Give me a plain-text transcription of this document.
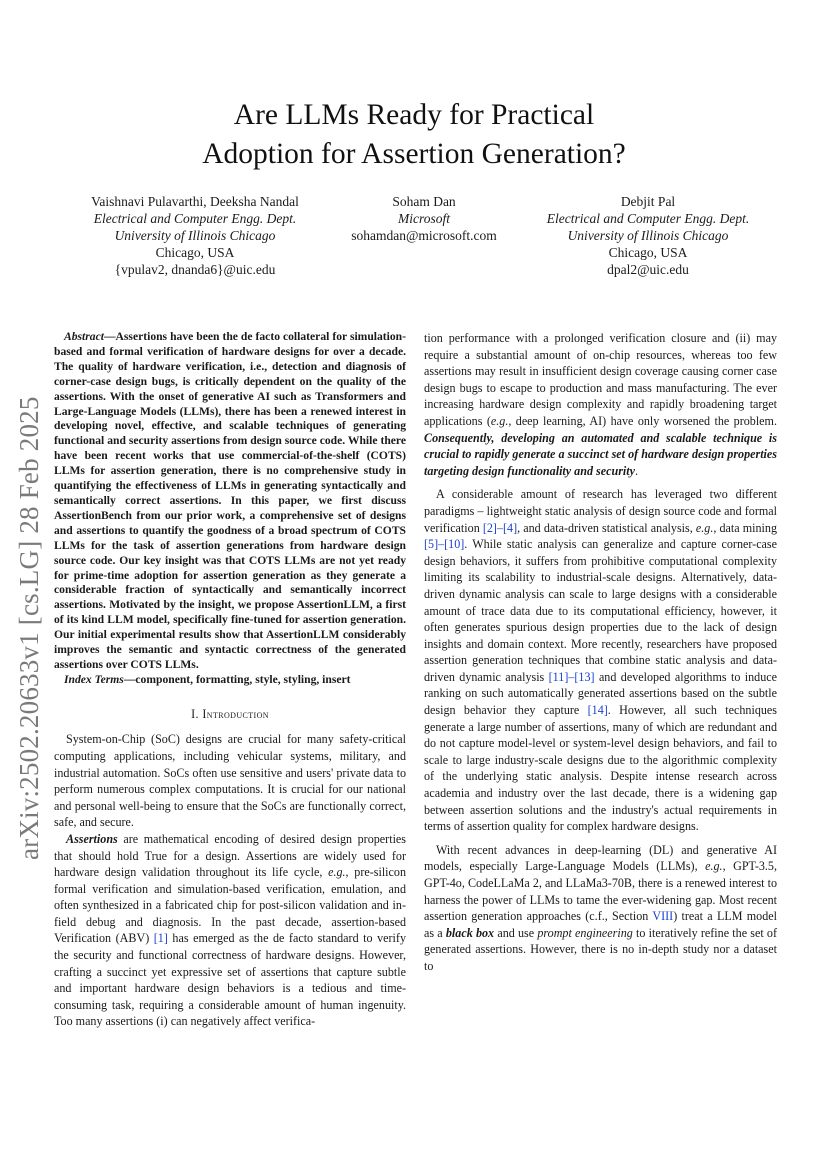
arXiv:2502.20633v1 [cs.LG] 28 Feb 2025
Are LLMs Ready for Practical
Adoption for Assertion Generation?
Vaishnavi Pulavarthi, Deeksha Nandal
Electrical and Computer Engg. Dept.
University of Illinois Chicago
Chicago, USA
{vpulav2, dnanda6}@uic.edu
Soham Dan
Microsoft
sohamdan@microsoft.com
Debjit Pal
Electrical and Computer Engg. Dept.
University of Illinois Chicago
Chicago, USA
dpal2@uic.edu

Abstract—Assertions have been the de facto collateral for simulation-based and formal verification of hardware designs for over a decade. The quality of hardware verification, i.e., detection and diagnosis of corner-case design bugs, is critically dependent on the quality of the assertions. With the onset of generative AI such as Transformers and Large-Language Models (LLMs), there has been a renewed interest in developing novel, effective, and scalable techniques of generating functional and security assertions from design source code. While there have been recent works that use commercial-of-the-shelf (COTS) LLMs for assertion generation, there is no comprehensive study in quantifying the effectiveness of LLMs in generating syntactically and semantically correct assertions. In this paper, we first discuss AssertionBench from our prior work, a comprehensive set of designs and assertions to quantify the goodness of a broad spectrum of COTS LLMs for the task of assertion generations from hardware design source code. Our key insight was that COTS LLMs are not yet ready for prime-time adoption for assertion generation as they generate a considerable fraction of syntactically and semantically incorrect assertions. Motivated by the insight, we propose AssertionLLM, a first of its kind LLM model, specifically fine-tuned for assertion generation. Our initial experimental results show that AssertionLLM considerably improves the semantic and syntactic correctness of the generated assertions over COTS LLMs.

Index Terms—component, formatting, style, styling, insert

I. Introduction

System-on-Chip (SoC) designs are crucial for many safety-critical computing applications, including vehicular systems, military, and industrial automation. SoCs often use sensitive and users' private data to perform numerous complex computations. It is crucial for our national and personal well-being to ensure that the SoCs are functionally correct, safe, and secure.

Assertions are mathematical encoding of desired design properties that should hold True for a design. Assertions are widely used for hardware design validation throughout its life cycle, e.g., pre-silicon formal verification and simulation-based verification, emulation, and often synthesized in a fabricated chip for post-silicon validation and in-field debug and diagnosis. In the past decade, assertion-based Verification (ABV) [1] has emerged as the de facto standard to verify the security and functional correctness of hardware designs. However, crafting a succinct yet expressive set of assertions that capture subtle and important hardware design behaviors is a tedious and time-consuming task, requiring a considerable amount of human ingenuity. Too many assertions (i) can negatively affect verifica-

tion performance with a prolonged verification closure and (ii) may require a substantial amount of on-chip resources, whereas too few assertions may result in insufficient design coverage causing corner case design bugs to escape to production and mass manufacturing. The ever increasing hardware design complexity and rapidly broadening target applications (e.g., deep learning, AI) have only worsened the problem. Consequently, developing an automated and scalable technique is crucial to rapidly generate a succinct set of hardware design properties targeting design functionality and security.

A considerable amount of research has leveraged two different paradigms – lightweight static analysis of design source code and formal verification [2]–[4], and data-driven statistical analysis, e.g., data mining [5]–[10]. While static analysis can generalize and capture corner-case design behaviors, it suffers from prohibitive computational complexity limiting its scalability to industrial-scale designs. Alternatively, data-driven dynamic analysis can scale to large designs with a considerable amount of trace data due to its computational efficiency, however, it often generates spurious design properties due to the lack of design insights and domain context. More recently, researchers have proposed assertion generation techniques that combine static analysis and data-driven dynamic analysis [11]–[13] and developed algorithms to induce ranking on such automatically generated assertions based on the subtle design behavior they capture [14]. However, all such techniques generate a large number of assertions, many of which are redundant and do not capture model-level or system-level design behaviors, and fail to scale to large industry-scale designs due to the algorithmic complexity of the underlying static analysis. Despite intense research across academia and industry over the last decade, there is a widening gap between assertion solutions and the industry's actual requirements in terms of assertion quality for complex hardware designs.

With recent advances in deep-learning (DL) and generative AI models, especially Large-Language Models (LLMs), e.g., GPT-3.5, GPT-4o, CodeLLaMa 2, and LLaMa3-70B, there is a renewed interest to harness the power of LLMs to tame the ever-widening gap. Most recent assertion generation approaches (c.f., Section VIII) treat a LLM model as a black box and use prompt engineering to iteratively refine the set of generated assertions. However, there is no in-depth study nor a dataset to
